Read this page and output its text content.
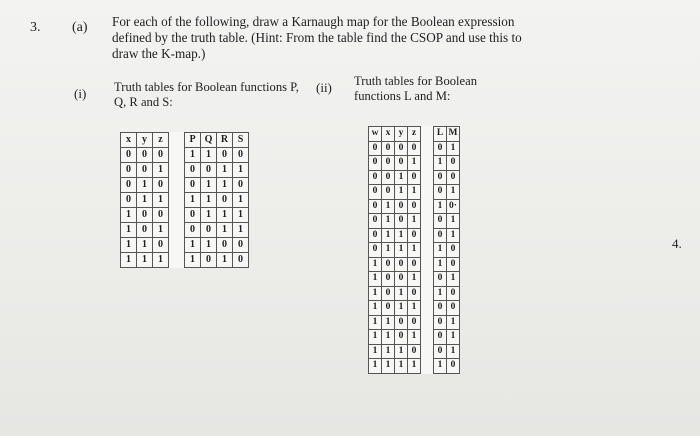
3. (a) For each of the following, draw a Karnaugh map for the Boolean expression defined by the truth table. (Hint: From the table find the CSOP and use this to draw the K-map.)
(i) Truth tables for Boolean functions P, Q, R and S:
(ii) Truth tables for Boolean functions L and M:
4.
x	y	z		P	Q	R	S
0	0	0		1	1	0	0
0	0	1		0	0	1	1
0	1	0		0	1	1	0
0	1	1		1	1	0	1
1	0	0		0	1	1	1
1	0	1		0	0	1	1
1	1	0		1	1	0	0
1	1	1		1	0	1	0
w	x	y	z		L	M
0	0	0	0		0	1
0	0	0	1		1	0
0	0	1	0		0	0
0	0	1	1		0	1
0	1	0	0		1	0·
0	1	0	1		0	1
0	1	1	0		0	1
0	1	1	1		1	0
1	0	0	0		1	0
1	0	0	1		0	1
1	0	1	0		1	0
1	0	1	1		0	0
1	1	0	0		0	1
1	1	0	1		0	1
1	1	1	0		0	1
1	1	1	1		1	0
